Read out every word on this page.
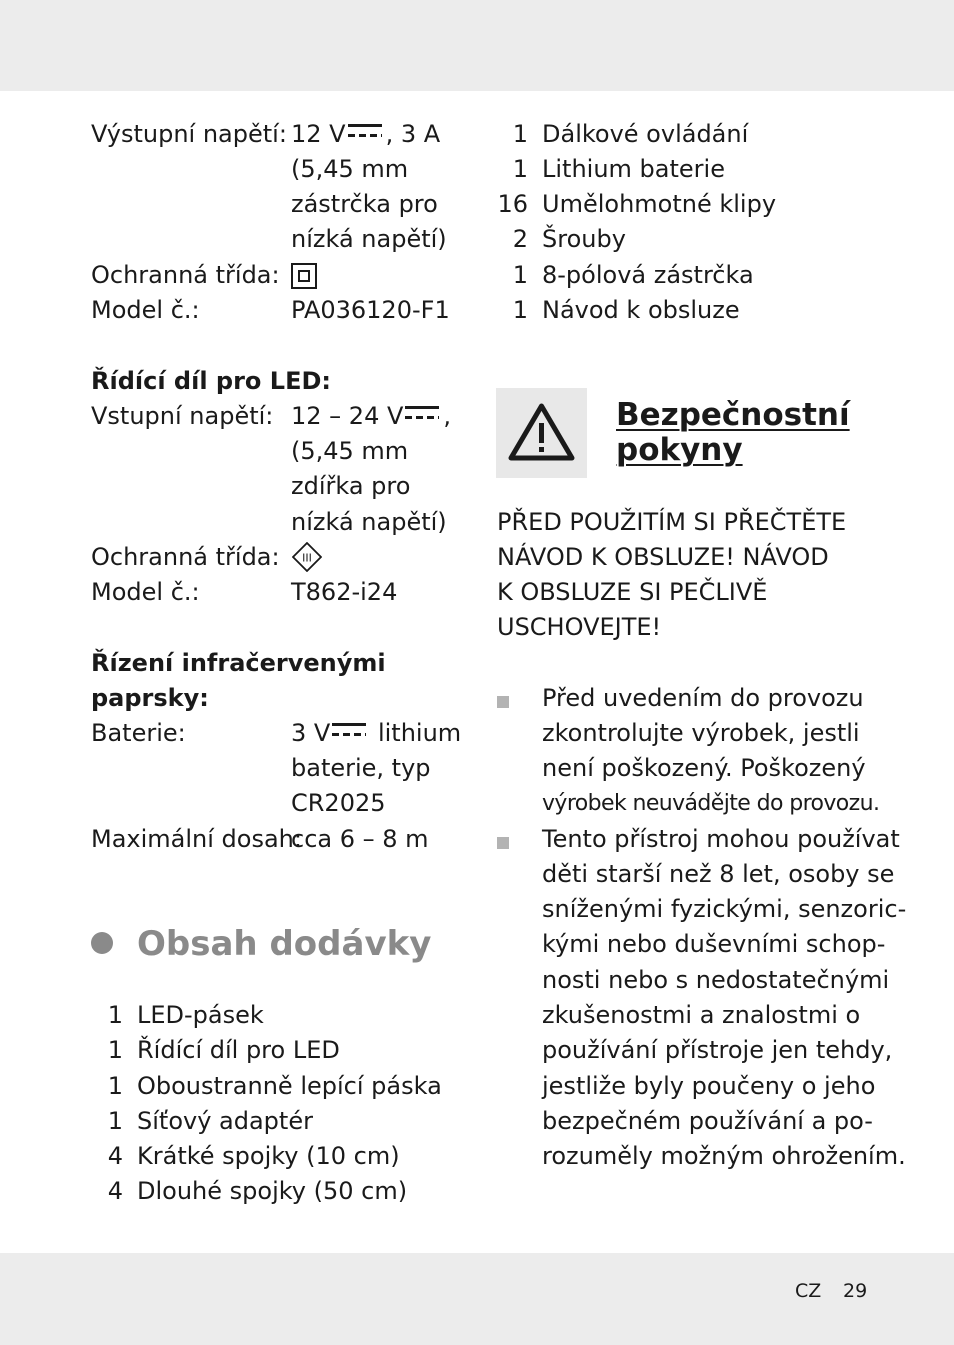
Výstupní napětí: 12 V , 3 A
(5,45 mm
zástrčka pro
nízká napětí)
Ochranná třída:
Model č.:	PA036120-F1
Řídící díl pro LED:
Vstupní napětí: 12 – 24 V ,
(5,45 mm
zdířka pro
nízká napětí)
Ochranná třída: III
Model č.:	T862-i24
Řízení infračervenými
paprsky:
Baterie:	3 V lithium
baterie, typ
CR2025
Maximální dosah:
cca 6 – 8 m
Obsah dodávky
1 LED-pásek
1 Řídící díl pro LED
1 Oboustranně lepící páska
1 Síťový adaptér
4 Krátké spojky (10 cm)
4 Dlouhé spojky (50 cm)
1 Dálkové ovládání
1 Lithium baterie
16 Umělohmotné klipy
2 Šrouby
1 8-pólová zástrčka
1 Návod k obsluze
Bezpečnostní
pokyny
PŘED POUŽITÍM SI PŘEČTĚTE
NÁVOD K OBSLUZE! NÁVOD
K OBSLUZE SI PEČLIVĚ
USCHOVEJTE!
Před uvedením do provozu
zkontrolujte výrobek, jestli
není poškozený. Poškozený
výrobek neuváděјte do provozu.
Tento přístroj mohou používat
děti starší než 8 let, osoby se
sníženými fyzickými, senzoric-
kými nebo duševními schop-
nosti nebo s nedostatečnými
zkušenostmi a znalostmi o
používání přístroje jen tehdy,
jestliže byly poučeny o jeho
bezpečném používání a po-
rozuměly možným ohrožením.
CZ 29
